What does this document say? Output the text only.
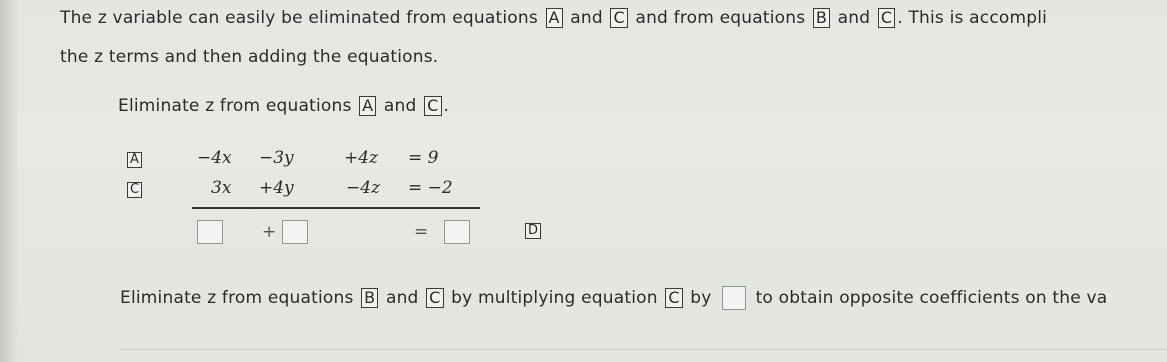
The z variable can easily be eliminated from equations A and C and from equations B and C . This is accompli
the z terms and then adding the equations.
Eliminate z from equations A and C .
A	−4x −3y	+4z = 9
C	3x +4y	−4z = −2
+	=	D
Eliminate z from equations B and C by multiplying equation C by	to obtain opposite coefficients on the va
